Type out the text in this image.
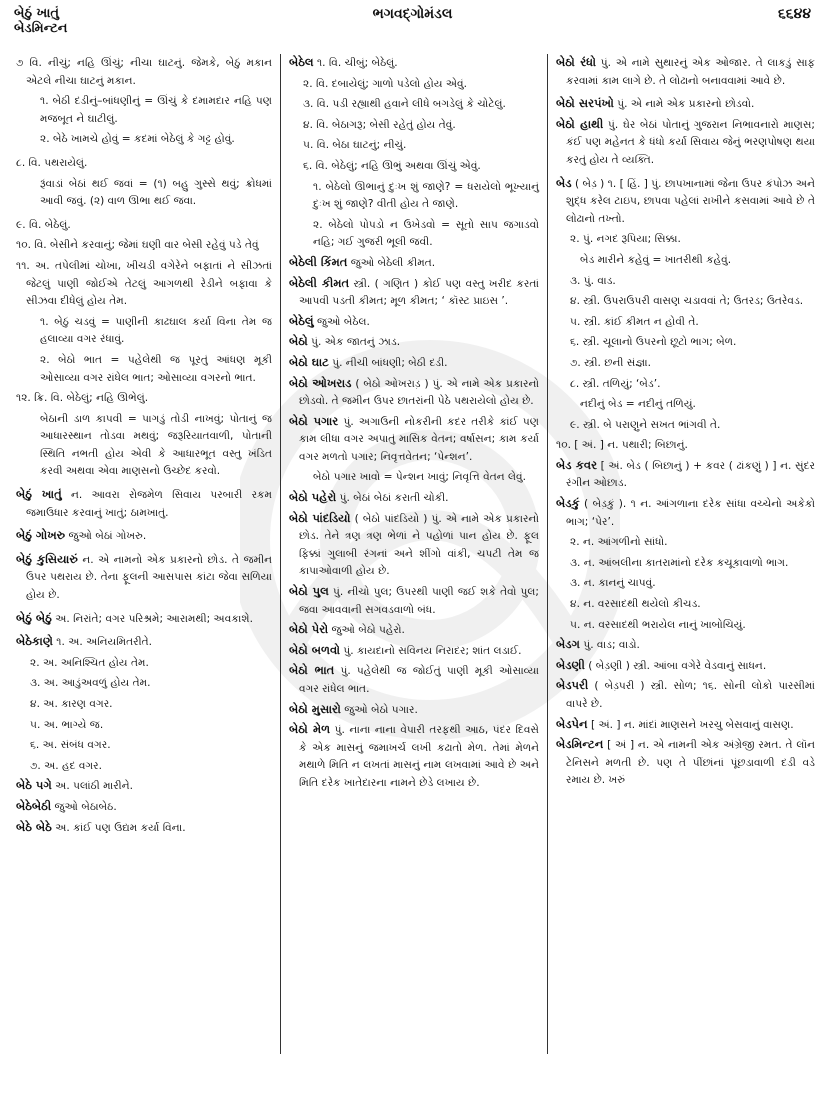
બેઠું ખાતું
બેડમિન્ટન
ભગવદ્ગોમંડલ	૬૬૪૪

૭ વિ. નીચું; નહિ ઊંચું; નીચા ઘાટનું. જેમકે, બેઠું મકાન એટલે નીચા ઘાટનું મકાન.

૧. બેઠી દડીનું–બાંધણીનું = ઊંચું કે દમામદાર નહિ પણ મજબૂત ને ઘાટીલું.

૨. બેઠે ખામચે હોવું = કદમાં બેઠેલું કે ગટ્ટ હોવું.

૮. વિ. પથરાયેલું.

રૂંવાડાં બેઠાં થઈ જવાં = (૧) બહુ ગુસ્સે થવું; ક્રોધમાં આવી જવું. (૨) વાળ ઊભા થઈ જવા.

૯. વિ. બેઠેલું.

૧૦. વિ. બેસીને કરવાનું; જેમાં ઘણી વાર બેસી રહેવું પડે તેવું

૧૧. અ. તપેલીમાં ચોખા, ખીચડી વગેરેને બફાતાં ને સીઝતાં જેટલું પાણી જોઈએ તેટલું આગળથી રેડીને બફાવા કે સીઝવા દીધેલું હોય તેમ.

૧. બેઠું ચડવું = પાણીની કાઢઘાલ કર્યા વિના તેમ જ હલાવ્યા વગર રંધાવું.

૨. બેઠો ભાત = પહેલેથી જ પૂરતું આંધણ મૂકી ઓસાવ્યા વગર રાંધેલ ભાત; ઓસાવ્યા વગરનો ભાત.

૧૨. ક્રિ. વિ. બેઠેલું; નહિ ઊભેલું.

બેઠાની ડાળ કાપવી = પાગડું તોડી નાખવું; પોતાનું જ આધારસ્થાન તોડવા મથવું; જરૂરિયાતવાળી, પોતાની સ્થિતિ નભતી હોય એવી કે આધારભૂત વસ્તુ ખંડિત કરવી અથવા એવા માણસનો ઉચ્છેદ કરવો.

બેઠું ખાતું ન. આવરા રોજમેળ સિવાય પરબારી રકમ જમાઉધાર કરવાનું ખાતું; ઠામખાતું.

બેઠું ગોખરુ જુઓ બેઠાં ગોખરુ.

બેઠું કુસિયારું ન. એ નામનો એક પ્રકારનો છોડ. તે જમીન ઉપર પથરાય છે. તેના ફૂલની આસપાસ કાંટા જેવા સળિયા હોય છે.

બેઠું બેઠું અ. નિરાંતે; વગર પરિશ્રમે; આરામથી; અવકાશે.

બેઠેકાણે ૧. અ. અનિયમિતરીતે.

૨. અ. અનિશ્ચિત હોય તેમ.

૩. અ. આડુંઅવળું હોય તેમ.

૪. અ. કારણ વગર.

૫. અ. ભાગ્યે જ.

૬. અ. સંબંધ વગર.

૭. અ. હદ વગર.

બેઠે પગે અ. પલાંઠી મારીને.

બેઠેબેઠી જુઓ બેઠાબેઠ.

બેઠે બેઠે અ. કાંઈ પણ ઉદ્યમ કર્યા વિના.

બેઠેલ ૧. વિ. ચીબું; બેઠેલું.

૨. વિ. દબાયેલું; ગાળો પડેલો હોય એવું.

૩. વિ. પડી રહ્યાથી હવાને લીધે બગડેલું કે ચોટેલું.

૪. વિ. બેઠાગરૂ; બેસી રહેતું હોય તેવું.

૫. વિ. બેઠા ઘાટનું; નીચું.

૬. વિ. બેઠેલું; નહિ ઊભું અથવા ઊંચું એવું.

૧. બેઠેલો ઊભાનું દુઃખ શું જાણે? = ધરાયેલો ભૂખ્યાનું દુઃખ શું જાણે? વીતી હોય તે જાણે.

૨. બેઠેલો પોપડો ન ઉખેડવો = સૂતો સાપ જગાડવો નહિ; ગઈ ગુજરી ભૂલી જવી.

બેઠેલી કિંમત જુઓ બેઠેલી કીમત.

બેઠેલી કીમત સ્ત્રી. ( ગણિત ) કોઈ પણ વસ્તુ ખરીદ કરતાં આપવી પડતી કીમત; મૂળ કીમત; ‘ કૉસ્ટ પ્રાઇસ ’.

બેઠેલું જુઓ બેઠેલ.

બેઠો પું. એક જાતનું ઝાડ.

બેઠો ઘાટ પું. નીચી બાંધણી; બેઠી દડી.

બેઠો ઓખરાડ ( બેઠો ઓખરાડ઼ ) પું. એ નામે એક પ્રકારનો છોડવો. તે જમીન ઉપર છાતરાંની પેઠે પથરાયેલો હોય છે.

બેઠો પગાર પું. અગાઉની નોકરીની કદર તરીકે કાંઈ પણ કામ લીધા વગર અપાતું માસિક વેતન; વર્ષાસન; કામ કર્યા વગર મળતો પગાર; નિવૃત્તવેતન; ‘પેન્શન’.

બેઠો પગાર ખાવો = પેન્શન ખાવું; નિવૃત્તિ વેતન લેવું.

બેઠો પહેરો પું. બેઠાં બેઠાં કરાતી ચોકી.

બેઠો પાંદડિયો ( બેઠો પાંદડિયો ) પું. એ નામે એક પ્રકારનો છોડ. તેને ત્રણ ત્રણ ભેળાં ને પહોળાં પાન હોય છે. ફૂલ ફિક્કાં ગુલાબી રંગનાં અને શીંગો વાંકી, ચપટી તેમ જ કાપાઓવાળી હોય છે.

બેઠો પુલ પું. નીચો પુલ; ઉપરથી પાણી જઈ શકે તેવો પુલ; જવા આવવાની સગવડવાળો બંધ.

બેઠો પેરો જુઓ બેઠો પહેરો.

બેઠો બળવો પું. કાયદાનો સવિનય નિરાદર; શાંત લડાઈ.

બેઠો ભાત પું. પહેલેથી જ જોઈતું પાણી મૂકી ઓસાવ્યા વગર રાંધેલ ભાત.

બેઠો મુસારો જુઓ બેઠો પગાર.

બેઠો મેળ પું. નાના નાના વેપારી તરફથી આઠ, પંદર દિવસે કે એક માસનું જમાખર્ચ લખી કઢાતો મેળ. તેમાં મેળને મથાળે મિતિ ન લખતાં માસનું નામ લખવામાં આવે છે અને મિતિ દરેક ખાતેદારના નામને છેડે લખાય છે.

બેઠો રંધો પું. એ નામે સુથારનું એક ઓજાર. તે લાકડું સાફ કરવામાં કામ લાગે છે. તે લોઢાનો બનાવવામાં આવે છે.

બેઠો સરપંખો પું. એ નામે એક પ્રકારનો છોડવો.

બેઠો હાથી પું. ઘેર બેઠાં પોતાનું ગુજરાન નિભાવનારો માણસ; કંઈ પણ મહેનત કે ધંધો કર્યા સિવાય જેનું ભરણપોષણ થયા કરતું હોય તે વ્યક્તિ.

બેડ ( બેડ઼ ) ૧. [ હિં. ] પું. છાપખાનામાં જેના ઉપર કંપોઝ અને શુદ્ધ કરેલ ટાઇપ, છાપવા પહેલાં રાખીને કસવામાં આવે છે તે લોઢાનો તખ્તો.

૨. પું. નગદ રૂપિયા; સિક્કા.

બેડ મારીને કહેવું = ખાતરીથી કહેવું.

૩. પું. વાડ.

૪. સ્ત્રી. ઉપરાઉપરી વાસણ ચડાવવાં તે; ઉતરડ; ઉતરેવડ.

૫. સ્ત્રી. કાંઈ કીમત ન હોવી તે.

૬. સ્ત્રી. ચૂલાનો ઉપરનો છૂટો ભાગ; બેળ.

૭. સ્ત્રી. છની સંજ્ઞા.

૮. સ્ત્રી. તળિયું; ‘બેડ’.

નદીનું બેડ = નદીનું તળિયું.

૯. સ્ત્રી. બે પરાણુને સખત ભાંગવી તે.

૧૦. [ અં. ] ન. પથારી; બિછાનું.

બેડ કવર [ અં. બેડ ( બિછાનું ) + કવર ( ઢાંકણું ) ] ન. સુંદર રંગીન ઓછાડ.

બેડકું ( બેડ઼કું ). ૧ ન. આંગળાના દરેક સાંધા વચ્ચેનો અકેકો ભાગ; ‘પેર’.

૨. ન. આંગળીનો સાંધો.

૩. ન. આંબલીના કાતરામાંનો દરેક કચૂકાવાળો ભાગ.

૩. ન. કાનનું ચાપવું.

૪. ન. વરસાદથી થયેલો કીચડ.

૫. ન. વરસાદથી ભરાયેલ નાનું ખાબોચિયું.

બેડગ પું. વાડ; વાડો.

બેડણી ( બેડ઼ણી ) સ્ત્રી. આંબા વગેરે વેડવાનું સાધન.

બેડપરી ( બેડ઼પરી ) સ્ત્રી. સોળ; ૧૬. સોની લોકો પારસીમાં વાપરે છે.

બેડપેન [ અં. ] ન. માંદાં માણસને ખરચુ બેસવાનું વાસણ.

બેડમિન્ટન [ અં ] ન. એ નામની એક અંગ્રેજી રમત. તે લૉન ટેનિસને મળતી છે. પણ તે પીંછાંનાં પૂંછડાવાળી દડી વડે રમાય છે. ખરું
